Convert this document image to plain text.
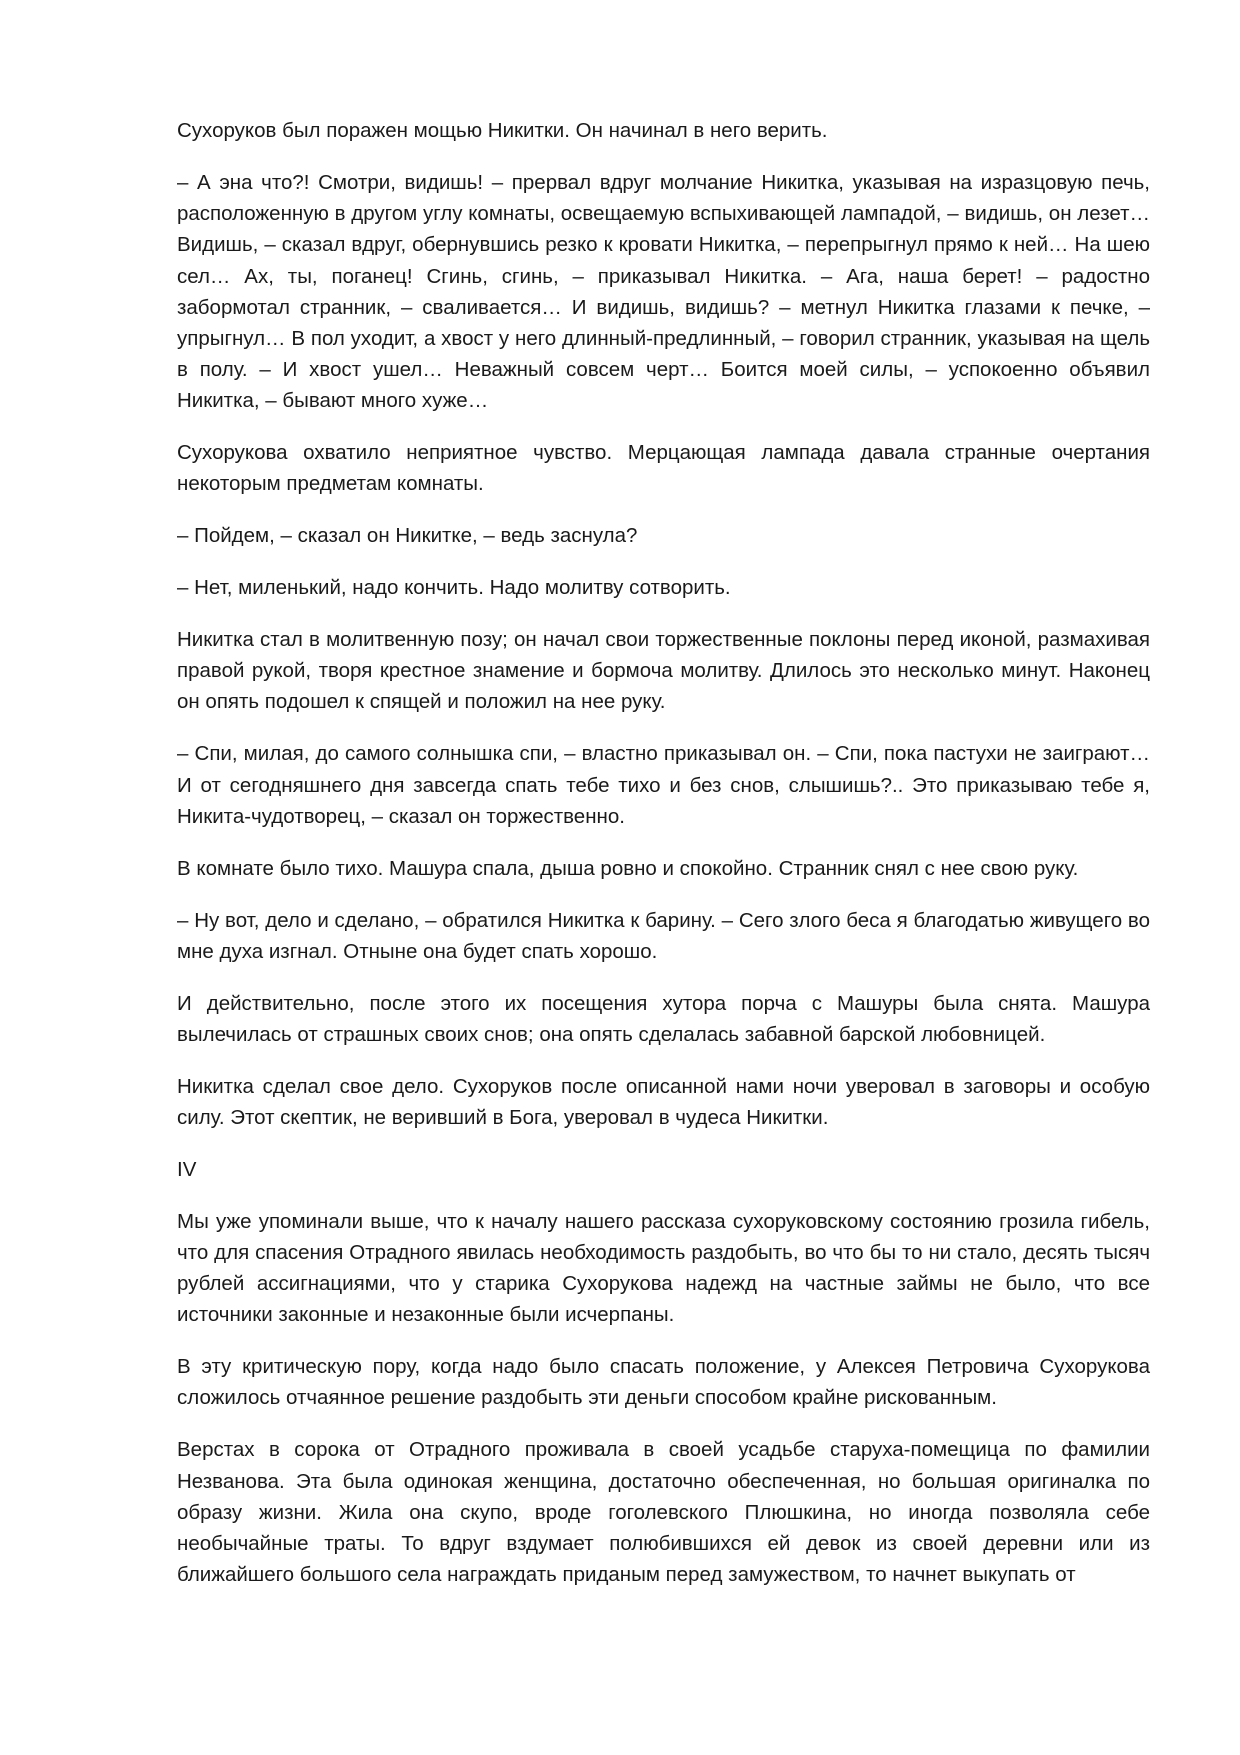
Сухоруков был поражен мощью Никитки. Он начинал в него верить.

– А эна что?! Смотри, видишь! – прервал вдруг молчание Никитка, указывая на изразцовую печь, расположенную в другом углу комнаты, освещаемую вспыхивающей лампадой, – видишь, он лезет… Видишь, – сказал вдруг, обернувшись резко к кровати Никитка, – перепрыгнул прямо к ней… На шею сел… Ах, ты, поганец! Сгинь, сгинь, – приказывал Никитка. – Ага, наша берет! – радостно забормотал странник, – сваливается… И видишь, видишь? – метнул Никитка глазами к печке, – упрыгнул… В пол уходит, а хвост у него длинный-предлинный, – говорил странник, указывая на щель в полу. – И хвост ушел… Неважный совсем черт… Боится моей силы, – успокоенно объявил Никитка, – бывают много хуже…

Сухорукова охватило неприятное чувство. Мерцающая лампада давала странные очертания некоторым предметам комнаты.

– Пойдем, – сказал он Никитке, – ведь заснула?

– Нет, миленький, надо кончить. Надо молитву сотворить.

Никитка стал в молитвенную позу; он начал свои торжественные поклоны перед иконой, размахивая правой рукой, творя крестное знамение и бормоча молитву. Длилось это несколько минут. Наконец он опять подошел к спящей и положил на нее руку.

– Спи, милая, до самого солнышка спи, – властно приказывал он. – Спи, пока пастухи не заиграют… И от сегодняшнего дня завсегда спать тебе тихо и без снов, слышишь?.. Это приказываю тебе я, Никита-чудотворец, – сказал он торжественно.

В комнате было тихо. Машура спала, дыша ровно и спокойно. Странник снял с нее свою руку.

– Ну вот, дело и сделано, – обратился Никитка к барину. – Сего злого беса я благодатью живущего во мне духа изгнал. Отныне она будет спать хорошо.

И действительно, после этого их посещения хутора порча с Машуры была снята. Машура вылечилась от страшных своих снов; она опять сделалась забавной барской любовницей.

Никитка сделал свое дело. Сухоруков после описанной нами ночи уверовал в заговоры и особую силу. Этот скептик, не веривший в Бога, уверовал в чудеса Никитки.

IV

Мы уже упоминали выше, что к началу нашего рассказа сухоруковскому состоянию грозила гибель, что для спасения Отрадного явилась необходимость раздобыть, во что бы то ни стало, десять тысяч рублей ассигнациями, что у старика Сухорукова надежд на частные займы не было, что все источники законные и незаконные были исчерпаны.

В эту критическую пору, когда надо было спасать положение, у Алексея Петровича Сухорукова сложилось отчаянное решение раздобыть эти деньги способом крайне рискованным.

Верстах в сорока от Отрадного проживала в своей усадьбе старуха-помещица по фамилии Незванова. Эта была одинокая женщина, достаточно обеспеченная, но большая оригиналка по образу жизни. Жила она скупо, вроде гоголевского Плюшкина, но иногда позволяла себе необычайные траты. То вдруг вздумает полюбившихся ей девок из своей деревни или из ближайшего большого села награждать приданым перед замужеством, то начнет выкупать от
